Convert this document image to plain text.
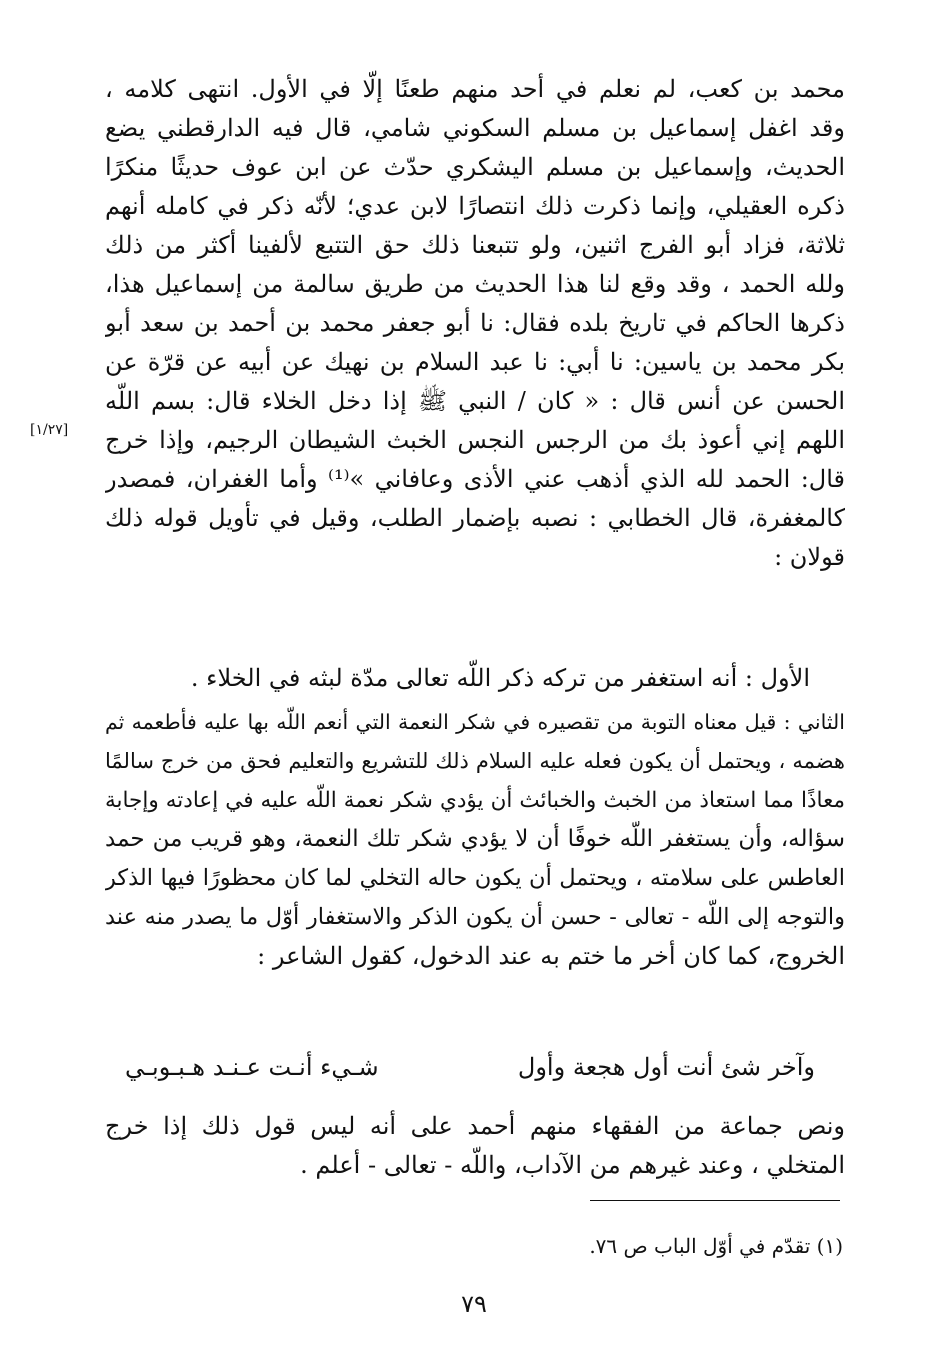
محمد بن كعب، لم نعلم في أحد منهم طعنًا إلّا في الأول. انتهى كلامه ،
وقد اغفل إسماعيل بن مسلم السكوني شامي، قال فيه الدارقطني يضع
الحديث، وإسماعيل بن مسلم اليشكري حدّث عن ابن عوف حديثًا منكرًا
ذكره العقيلي، وإنما ذكرت ذلك انتصارًا لابن عدي؛ لأنّه ذكر في كامله أنهم
ثلاثة، فزاد أبو الفرج اثنين، ولو تتبعنا ذلك حق التتبع لألفينا أكثر من ذلك
ولله الحمد ، وقد وقع لنا هذا الحديث من طريق سالمة من إسماعيل هذا،
ذكرها الحاكم في تاريخ بلده فقال: نا أبو جعفر محمد بن أحمد بن سعد أبو
بكر محمد بن ياسين: نا أبي: نا عبد السلام بن نهيك عن أبيه عن قرّة عن
الحسن عن أنس قال : « كان / النبي ﷺ إذا دخل الخلاء قال: بسم اللّه
اللهم إني أعوذ بك من الرجس النجس الخبث الشيطان الرجيم، وإذا خرج
قال: الحمد لله الذي أذهب عني الأذى وعافاني »⁽¹⁾ وأما الغفران، فمصدر
كالمغفرة، قال الخطابي : نصبه بإضمار الطلب، وقيل في تأويل قوله ذلك
قولان :
[١/٢٧]
الأول : أنه استغفر من تركه ذكر اللّه تعالى مدّة لبثه في الخلاء .
الثاني : قيل معناه التوبة من تقصيره في شكر النعمة التي أنعم اللّه بها عليه فأطعمه ثم
هضمه ، ويحتمل أن يكون فعله عليه السلام ذلك للتشريع والتعليم فحق من خرج سالمًا
معاذًا مما استعاذ من الخبث والخبائث أن يؤدي شكر نعمة اللّه عليه في إعادته وإجابة
سؤاله، وأن يستغفر اللّه خوفًا أن لا يؤدي شكر تلك النعمة، وهو قريب من حمد
العاطس على سلامته ، ويحتمل أن يكون حاله التخلي لما كان محظورًا فيها الذكر
والتوجه إلى اللّه - تعالى - حسن أن يكون الذكر والاستغفار أوّل ما يصدر منه عند
الخروج، كما كان أخر ما ختم به عند الدخول، كقول الشاعر :
وآخر شئ أنت أول هجعة وأول
شـيء أنـت عـنـد هـبـوبـي
ونص جماعة من الفقهاء منهم أحمد على أنه ليس قول ذلك إذا خرج
المتخلي ، وعند غيرهم من الآداب، واللّه - تعالى - أعلم .
(١) تقدّم في أوّل الباب ص ٧٦.
٧٩
